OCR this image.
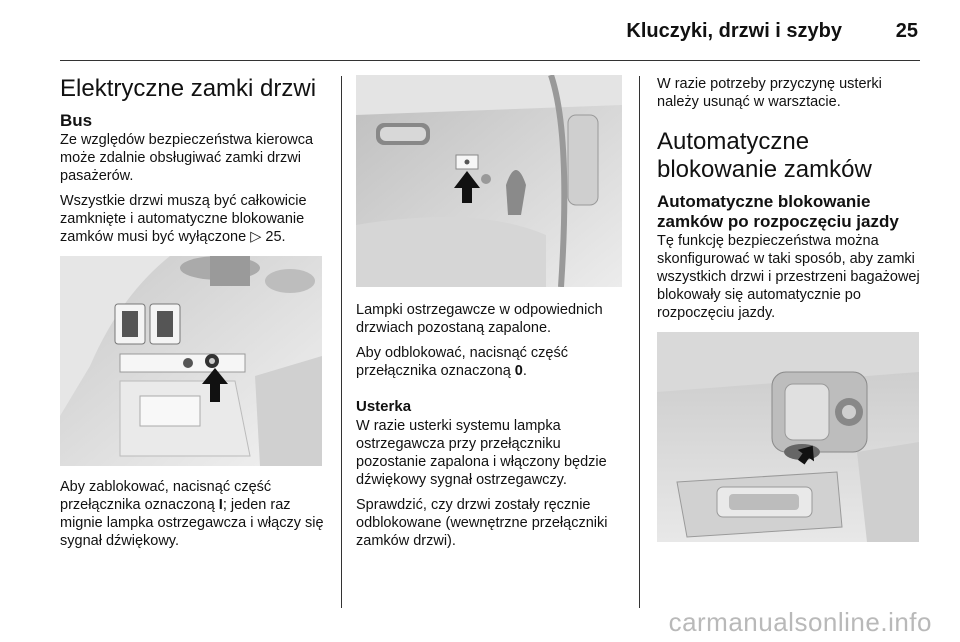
Kluczyki, drzwi i szyby	25
Elektryczne zamki drzwi
Bus

Ze względów bezpieczeństwa kierowca może zdalnie obsługiwać zamki drzwi pasażerów.

Wszystkie drzwi muszą być całkowicie zamknięte i automatyczne blokowanie zamków musi być wyłączone ▷ 25.

Aby zablokować, nacisnąć część przełącznika oznaczoną I; jeden raz mignie lampka ostrzegawcza i włączy się sygnał dźwiękowy.

Lampki ostrzegawcze w odpowiednich drzwiach pozostaną zapalone.

Aby odblokować, nacisnąć część przełącznika oznaczoną 0.

Usterka

W razie usterki systemu lampka ostrzegawcza przy przełączniku pozostanie zapalona i włączony będzie dźwiękowy sygnał ostrzegawczy.

Sprawdzić, czy drzwi zostały ręcznie odblokowane (wewnętrzne przełączniki zamków drzwi).

W razie potrzeby przyczynę usterki należy usunąć w warsztacie.

Automatyczne blokowanie zamków
Automatyczne blokowanie zamków po rozpoczęciu jazdy

Tę funkcję bezpieczeństwa można skonfigurować w taki sposób, aby zamki wszystkich drzwi i przestrzeni bagażowej blokowały się automatycznie po rozpoczęciu jazdy.

carmanualsonline.info
